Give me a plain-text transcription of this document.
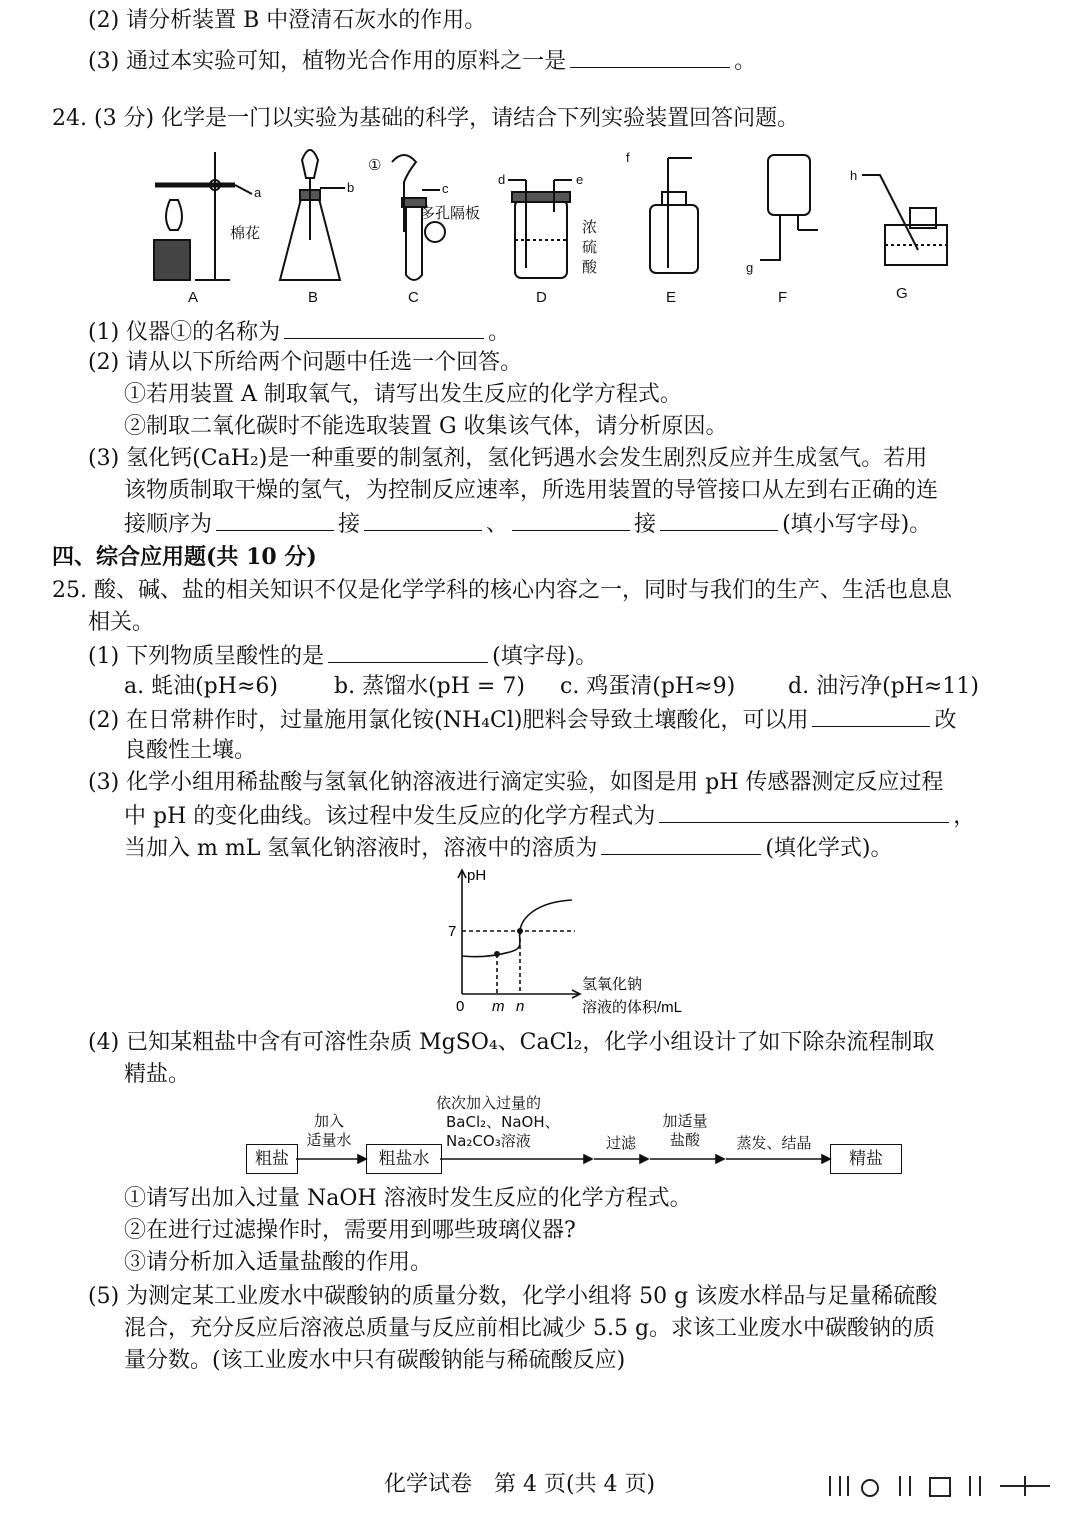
(2) 请分析装置 B 中澄清石灰水的作用。
(3) 通过本实验可知，植物光合作用的原料之一是	。
24. (3 分) 化学是一门以实验为基础的科学，请结合下列实验装置回答问题。
a	b	c
d	e
f
g
h
棉花
①
多孔隔板
浓
硫
酸
A	B	C	D	E	F	G
(1) 仪器①的名称为	。
(2) 请从以下所给两个问题中任选一个回答。
①若用装置 A 制取氧气，请写出发生反应的化学方程式。
②制取二氧化碳时不能选取装置 G 收集该气体，请分析原因。
(3) 氢化钙(CaH₂)是一种重要的制氢剂，氢化钙遇水会发生剧烈反应并生成氢气。若用
该物质制取干燥的氢气，为控制反应速率，所选用装置的导管接口从左到右正确的连
接顺序为	接	、	接	(填小写字母)。
四、综合应用题(共 10 分)
25. 酸、碱、盐的相关知识不仅是化学学科的核心内容之一，同时与我们的生产、生活也息息
相关。
(1) 下列物质呈酸性的是	(填字母)。
a. 蚝油(pH≈6)	b. 蒸馏水(pH = 7) c. 鸡蛋清(pH≈9) d. 油污净(pH≈11)
(2) 在日常耕作时，过量施用氯化铵(NH₄Cl)肥料会导致土壤酸化，可以用	改
良酸性土壤。
(3) 化学小组用稀盐酸与氢氧化钠溶液进行滴定实验，如图是用 pH 传感器测定反应过程
中 pH 的变化曲线。该过程中发生反应的化学方程式为	，
当加入 m mL 氢氧化钠溶液时，溶液中的溶质为	(填化学式)。
pH
7
0 m n
氢氧化钠
溶液的体积/mL
(4) 已知某粗盐中含有可溶性杂质 MgSO₄、CaCl₂，化学小组设计了如下除杂流程制取
精盐。
粗盐
加入
适量水
粗盐水
依次加入过量的
BaCl₂、NaOH、
Na₂CO₃溶液	过滤
加适量
盐酸	蒸发、结晶
精盐
①请写出加入过量 NaOH 溶液时发生反应的化学方程式。
②在进行过滤操作时，需要用到哪些玻璃仪器?
③请分析加入适量盐酸的作用。
(5) 为测定某工业废水中碳酸钠的质量分数，化学小组将 50 g 该废水样品与足量稀硫酸
混合，充分反应后溶液总质量与反应前相比减少 5.5 g。求该工业废水中碳酸钠的质
量分数。(该工业废水中只有碳酸钠能与稀硫酸反应)
化学试卷　第 4 页(共 4 页)
